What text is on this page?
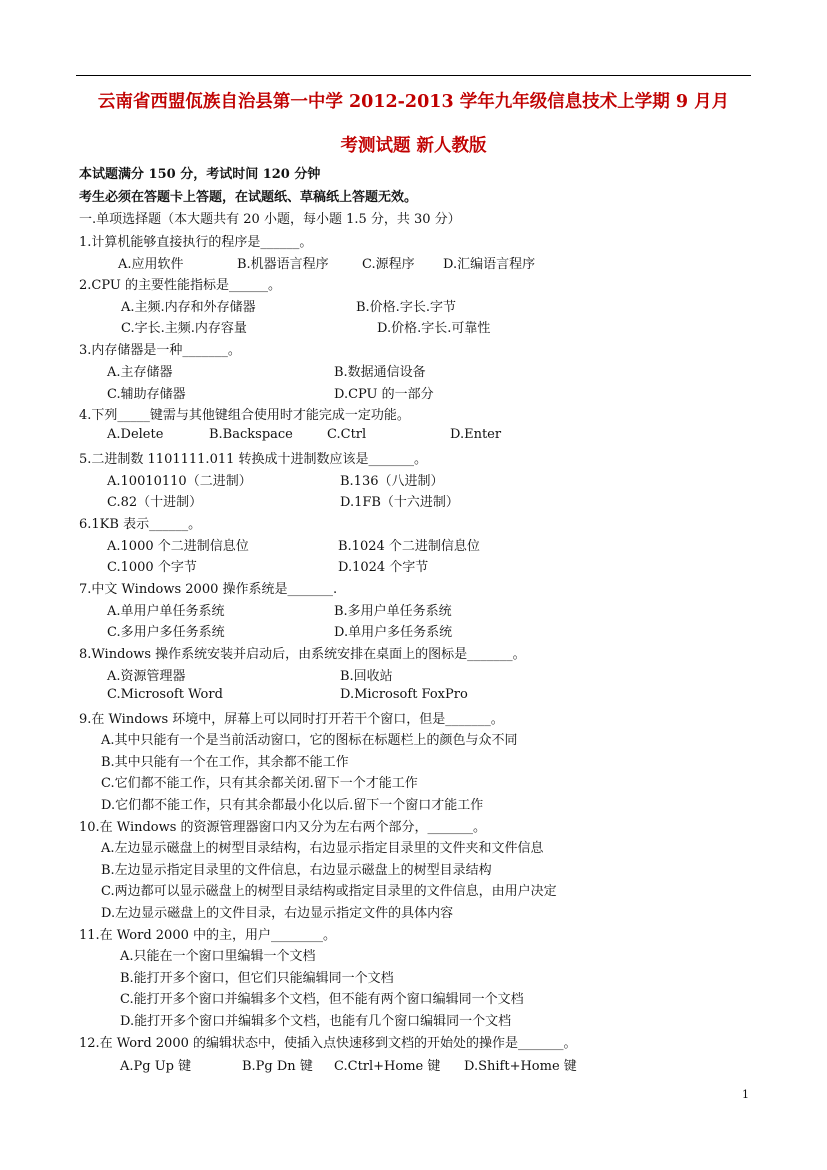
云南省西盟佤族自治县第一中学 2012-2013 学年九年级信息技术上学期 9 月月
考测试题 新人教版
本试题满分 150 分，考试时间 120 分钟
考生必须在答题卡上答题，在试题纸、草稿纸上答题无效。
一.单项选择题（本大题共有 20 小题，每小题 1.5 分，共 30 分）
1.计算机能够直接执行的程序是______。
A.应用软件	B.机器语言程序	C.源程序 D.汇编语言程序
2.CPU 的主要性能指标是______。
A.主频.内存和外存储器	B.价格.字长.字节
C.字长.主频.内存容量	D.价格.字长.可靠性
3.内存储器是一种_______。
A.主存储器	B.数据通信设备
C.辅助存储器	D.CPU 的一部分
4.下列_____键需与其他键组合使用时才能完成一定功能。
A.Delete	B.Backspace	C.Ctrl	D.Enter
5.二进制数 1101111.011 转换成十进制数应该是_______。
A.10010110（二进制）	B.136（八进制）
C.82（十进制）	D.1FB（十六进制）
6.1KB 表示______。
A.1000 个二进制信息位	B.1024 个二进制信息位
C.1000 个字节	D.1024 个字节
7.中文 Windows 2000 操作系统是_______.
A.单用户单任务系统	B.多用户单任务系统
C.多用户多任务系统	D.单用户多任务系统
8.Windows 操作系统安装并启动后，由系统安排在桌面上的图标是_______。
A.资源管理器	B.回收站
C.Microsoft Word	D.Microsoft FoxPro
9.在 Windows 环境中，屏幕上可以同时打开若干个窗口，但是_______。
A.其中只能有一个是当前活动窗口，它的图标在标题栏上的颜色与众不同
B.其中只能有一个在工作，其余都不能工作
C.它们都不能工作，只有其余都关闭.留下一个才能工作
D.它们都不能工作，只有其余都最小化以后.留下一个窗口才能工作
10.在 Windows 的资源管理器窗口内又分为左右两个部分，_______。
A.左边显示磁盘上的树型目录结构，右边显示指定目录里的文件夹和文件信息
B.左边显示指定目录里的文件信息，右边显示磁盘上的树型目录结构
C.两边都可以显示磁盘上的树型目录结构或指定目录里的文件信息，由用户决定
D.左边显示磁盘上的文件目录，右边显示指定文件的具体内容
11.在 Word 2000 中的主，用户________。
A.只能在一个窗口里编辑一个文档
B.能打开多个窗口，但它们只能编辑同一个文档
C.能打开多个窗口并编辑多个文档，但不能有两个窗口编辑同一个文档
D.能打开多个窗口并编辑多个文档，也能有几个窗口编辑同一个文档
12.在 Word 2000 的编辑状态中，使插入点快速移到文档的开始处的操作是_______。
A.Pg Up 键	B.Pg Dn 键 C.Ctrl+Home 键 D.Shift+Home 键
1
